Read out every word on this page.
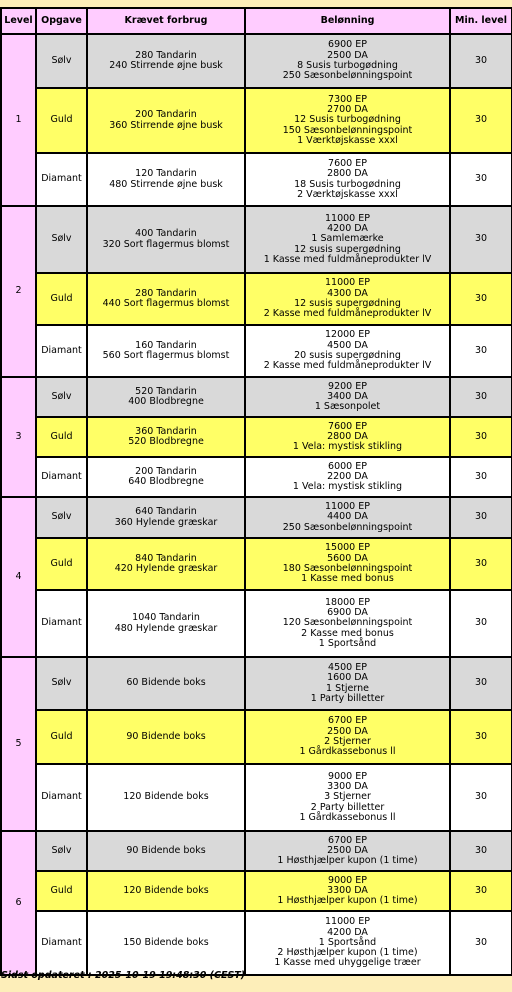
Level	Opgave	Krævet forbrug	Belønning	Min. level
1	Sølv	280 Tandarin
240 Stirrende øjne busk	6900 EP
2500 DA
8 Susis turbogødning
250 Sæsonbelønningspoint	30
	Guld	200 Tandarin
360 Stirrende øjne busk	7300 EP
2700 DA
12 Susis turbogødning
150 Sæsonbelønningspoint
1 Værktøjskasse xxxl	30
	Diamant	120 Tandarin
480 Stirrende øjne busk	7600 EP
2800 DA
18 Susis turbogødning
2 Værktøjskasse xxxl	30
2	Sølv	400 Tandarin
320 Sort flagermus blomst	11000 EP
4200 DA
1 Samlemærke
12 susis supergødning
1 Kasse med fuldmåneprodukter lV	30
	Guld	280 Tandarin
440 Sort flagermus blomst	11000 EP
4300 DA
12 susis supergødning
2 Kasse med fuldmåneprodukter lV	30
	Diamant	160 Tandarin
560 Sort flagermus blomst	12000 EP
4500 DA
20 susis supergødning
2 Kasse med fuldmåneprodukter lV	30
3	Sølv	520 Tandarin
400 Blodbregne	9200 EP
3400 DA
1 Sæsonpolet	30
	Guld	360 Tandarin
520 Blodbregne	7600 EP
2800 DA
1 Vela: mystisk stikling	30
	Diamant	200 Tandarin
640 Blodbregne	6000 EP
2200 DA
1 Vela: mystisk stikling	30
4	Sølv	640 Tandarin
360 Hylende græskar	11000 EP
4400 DA
250 Sæsonbelønningspoint	30
	Guld	840 Tandarin
420 Hylende græskar	15000 EP
5600 DA
180 Sæsonbelønningspoint
1 Kasse med bonus	30
	Diamant	1040 Tandarin
480 Hylende græskar	18000 EP
6900 DA
120 Sæsonbelønningspoint
2 Kasse med bonus
1 Sportsånd	30
5	Sølv	60 Bidende boks	4500 EP
1600 DA
1 Stjerne
1 Party billetter	30
	Guld	90 Bidende boks	6700 EP
2500 DA
2 Stjerner
1 Gårdkassebonus ll	30
	Diamant	120 Bidende boks	9000 EP
3300 DA
3 Stjerner
2 Party billetter
1 Gårdkassebonus ll	30
6	Sølv	90 Bidende boks	6700 EP
2500 DA
1 Høsthjælper kupon (1 time)	30
	Guld	120 Bidende boks	9000 EP
3300 DA
1 Høsthjælper kupon (1 time)	30
	Diamant	150 Bidende boks	11000 EP
4200 DA
1 Sportsånd
2 Høsthjælper kupon (1 time)
1 Kasse med uhyggelige træer	30
Sidst opdateret : 2025-10-19 19:48:30 (CEST)
